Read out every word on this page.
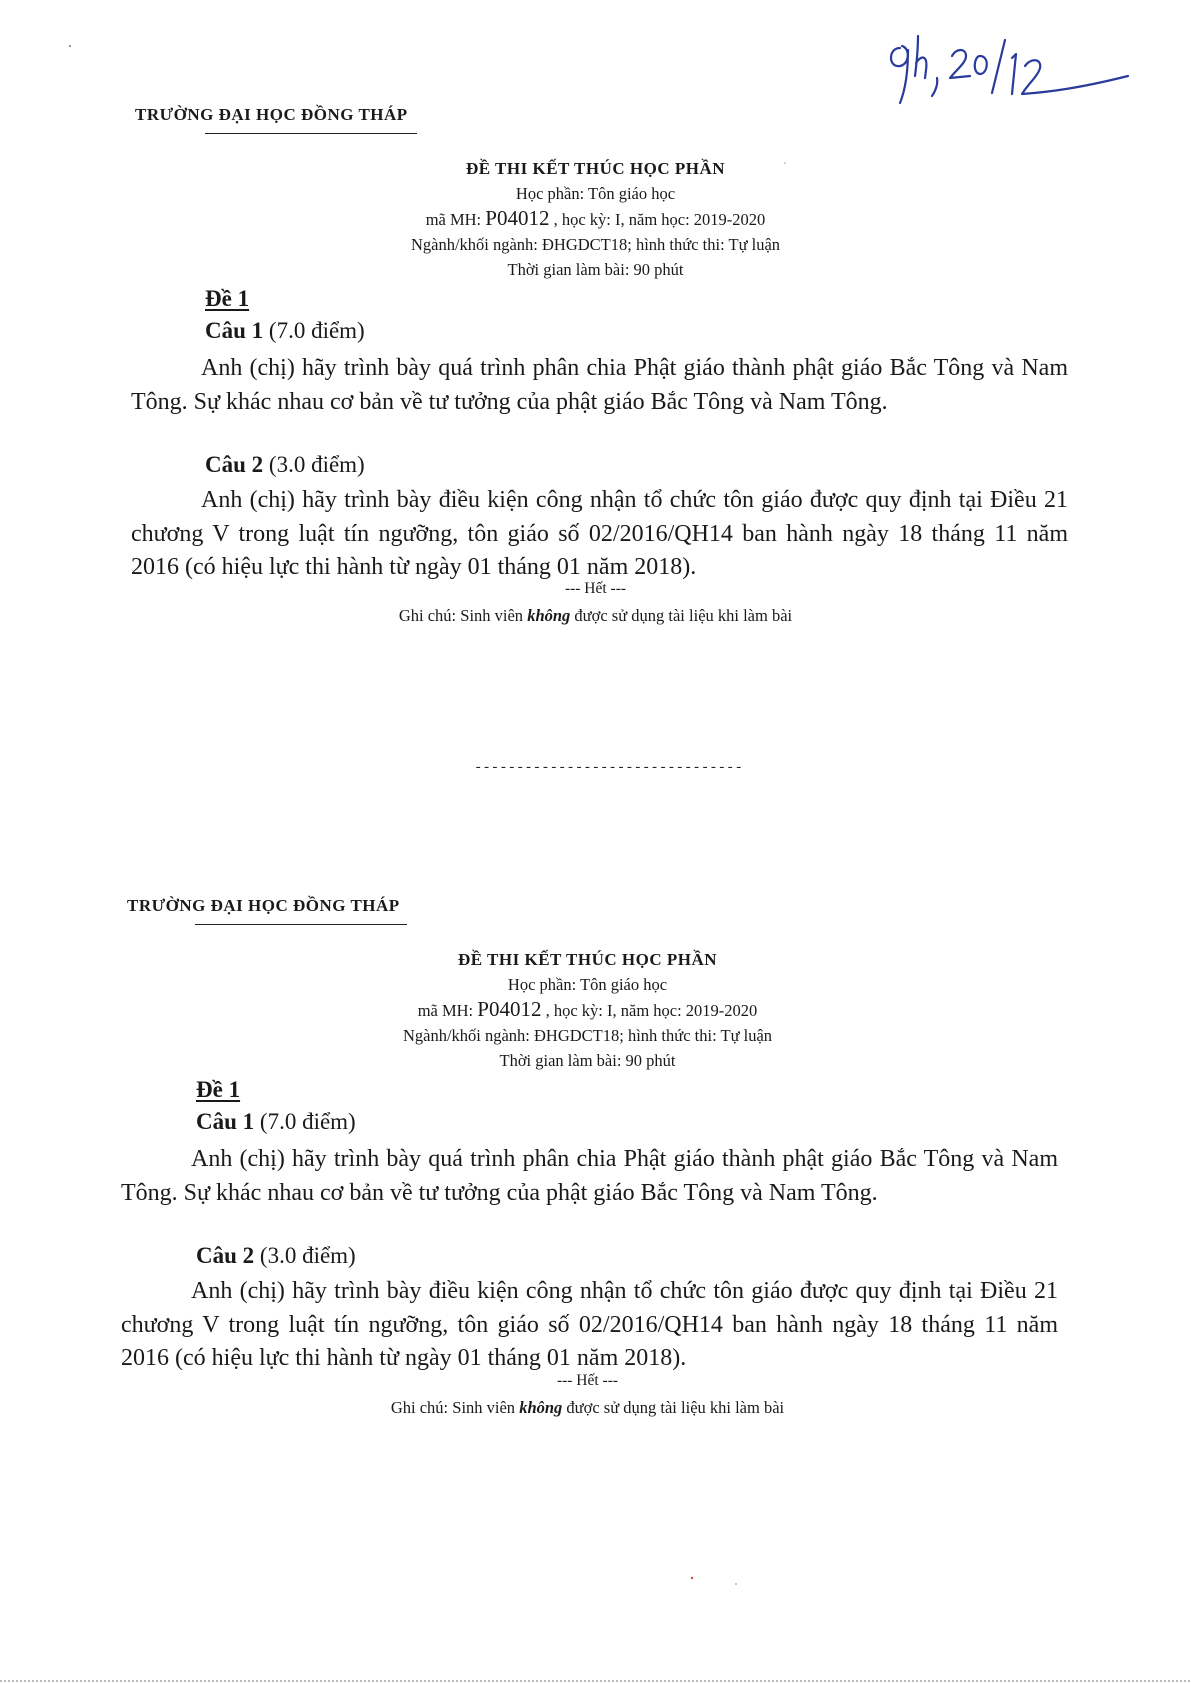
TRƯỜNG ĐẠI HỌC ĐỒNG THÁP
ĐỀ THI KẾT THÚC HỌC PHẦN
Học phần: Tôn giáo học
mã MH: P04012 , học kỳ: I, năm học: 2019-2020
Ngành/khối ngành: ĐHGDCT18; hình thức thi: Tự luận
Thời gian làm bài: 90 phút
Đề 1
Câu 1 (7.0 điểm)
Anh (chị) hãy trình bày quá trình phân chia Phật giáo thành phật giáo Bắc Tông và Nam Tông. Sự khác nhau cơ bản về tư tưởng của phật giáo Bắc Tông và Nam Tông.
Câu 2 (3.0 điểm)
Anh (chị) hãy trình bày điều kiện công nhận tổ chức tôn giáo được quy định tại Điều 21 chương V trong luật tín ngưỡng, tôn giáo số 02/2016/QH14 ban hành ngày 18 tháng 11 năm 2016 (có hiệu lực thi hành từ ngày 01 tháng 01 năm 2018).
--- Hết ---
Ghi chú: Sinh viên không được sử dụng tài liệu khi làm bài
--------------------------------
TRƯỜNG ĐẠI HỌC ĐỒNG THÁP
ĐỀ THI KẾT THÚC HỌC PHẦN
Học phần: Tôn giáo học
mã MH: P04012 , học kỳ: I, năm học: 2019-2020
Ngành/khối ngành: ĐHGDCT18; hình thức thi: Tự luận
Thời gian làm bài: 90 phút
Đề 1
Câu 1 (7.0 điểm)
Anh (chị) hãy trình bày quá trình phân chia Phật giáo thành phật giáo Bắc Tông và Nam Tông. Sự khác nhau cơ bản về tư tưởng của phật giáo Bắc Tông và Nam Tông.
Câu 2 (3.0 điểm)
Anh (chị) hãy trình bày điều kiện công nhận tổ chức tôn giáo được quy định tại Điều 21 chương V trong luật tín ngưỡng, tôn giáo số 02/2016/QH14 ban hành ngày 18 tháng 11 năm 2016 (có hiệu lực thi hành từ ngày 01 tháng 01 năm 2018).
--- Hết ---
Ghi chú: Sinh viên không được sử dụng tài liệu khi làm bài
